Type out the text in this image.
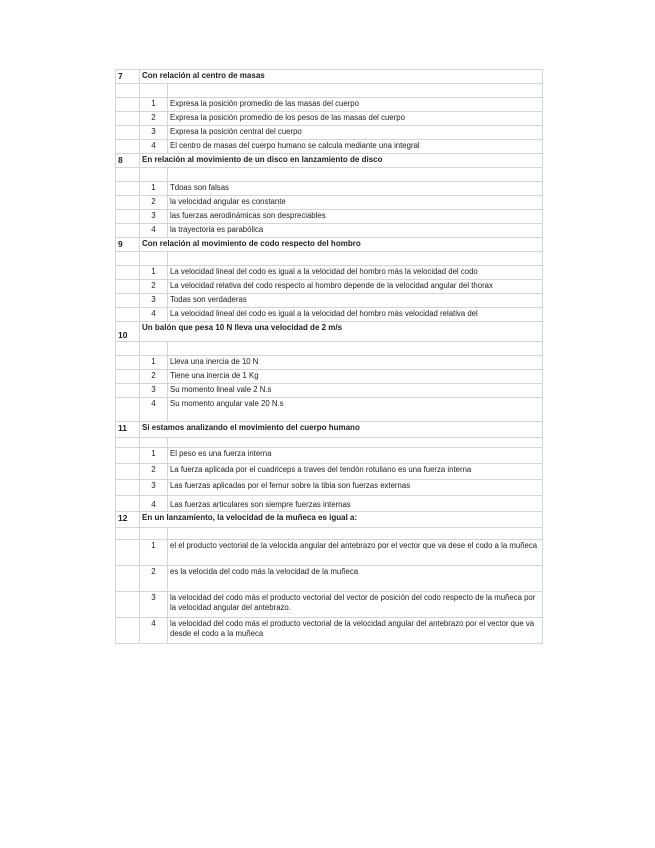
7	Con relación al centro de masas	

	1	Expresa la posición promedio de las masas del cuerpo
	2	Expresa la posición promedio de los pesos de las masas del cuerpo
	3	Expresa la posición central del cuerpo
	4	El centro de masas del cuerpo humano se calcula mediante una integral
8	En relación al movimiento de un disco en lanzamiento de disco	

	1	Tdoas son falsas
	2	la velocidad angular es constante
	3	las fuerzas aerodinámicas son despreciables
	4	la trayectoria es parabólica
9	Con relación al movimiento de codo respecto del hombro	

	1	La velocidad lineal del codo es igual a la velocidad del hombro más la velocidad del codo
	2	La velocidad relativa del codo respecto al hombro depende de la velocidad angular del thorax
	3	Todas son verdaderas
	4	La velocidad lineal del codo es igual a la velocidad del hombro más velocidad relativa del
10	Un balón que pesa 10 N lleva una velocidad de 2 m/s	

	1	Lleva una inercia de 10 N
	2	Tiene una inercia de 1 Kg
	3	Su momento lineal vale 2 N.s
	4	Su momento angular vale 20 N.s
11	Si estamos analizando el movimiento del cuerpo humano	

	1	El peso es una fuerza interna
	2	La fuerza aplicada por el cuadriceps a traves del tendón rotuliano es una fuerza interna
	3	Las fuerzas aplicadas por el femur sobre la tibia son fuerzas externas
	4	Las fuerzas articulares son siempre fuerzas internas
12	En un lanzamiento, la velocidad de la muñeca es igual a:	

	1	el el producto vectorial de la velocida angular del antebrazo por el vector que va dese el codo a la muñeca
	2	es la velocida del codo más la velocidad de la muñeca
	3	la velocidad del codo más el producto vectorial del vector de posición del codo respecto de la muñeca por la velocidad angular del antebrazo.
	4	la velocidad del codo más el producto vectorial de la velocidad angular del antebrazo por el vector que va desde el codo a la muñeca
